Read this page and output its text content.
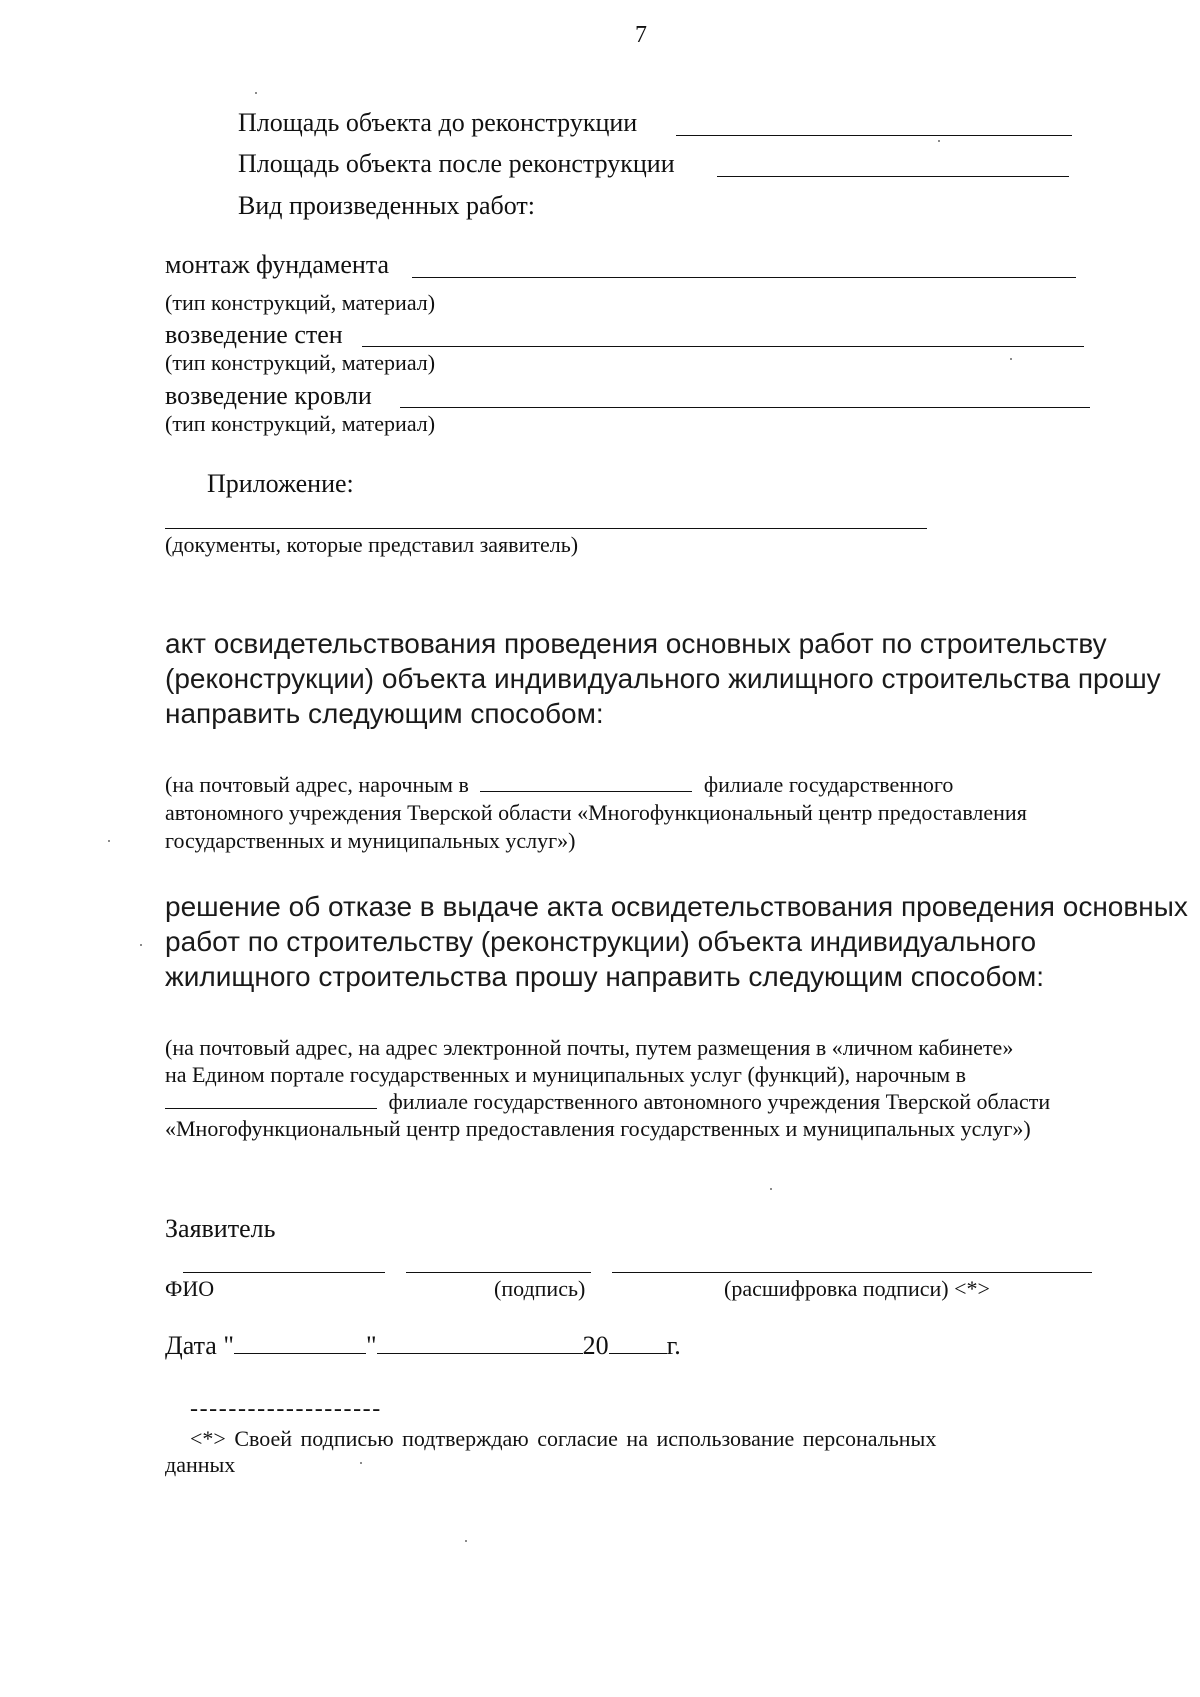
7
Площадь объекта до реконструкции
Площадь объекта после реконструкции
Вид произведенных работ:
монтаж фундамента
(тип конструкций, материал)
возведение стен
(тип конструкций, материал)
возведение кровли
(тип конструкций, материал)
Приложение:
(документы, которые представил заявитель)
акт освидетельствования проведения основных работ по строительству
(реконструкции) объекта индивидуального жилищного строительства прошу
направить следующим способом:
(на почтовый адрес, нарочным в	филиале государственного
автономного учреждения Тверской области «Многофункциональный центр предоставления
государственных и муниципальных услуг»)
решение об отказе в выдаче акта освидетельствования проведения основных
работ по строительству (реконструкции) объекта индивидуального
жилищного строительства прошу направить следующим способом:
(на почтовый адрес, на адрес электронной почты, путем размещения в «личном кабинете»
на Едином портале государственных и муниципальных услуг (функций), нарочным в
филиале государственного автономного учреждения Тверской области
«Многофункциональный центр предоставления государственных и муниципальных услуг»)
Заявитель
ФИО	(подпись)	(расшифровка подписи) <*>
Дата "	"	20 г.
--------------------
<*> Своей подписью подтверждаю согласие на использование персональных
данных
